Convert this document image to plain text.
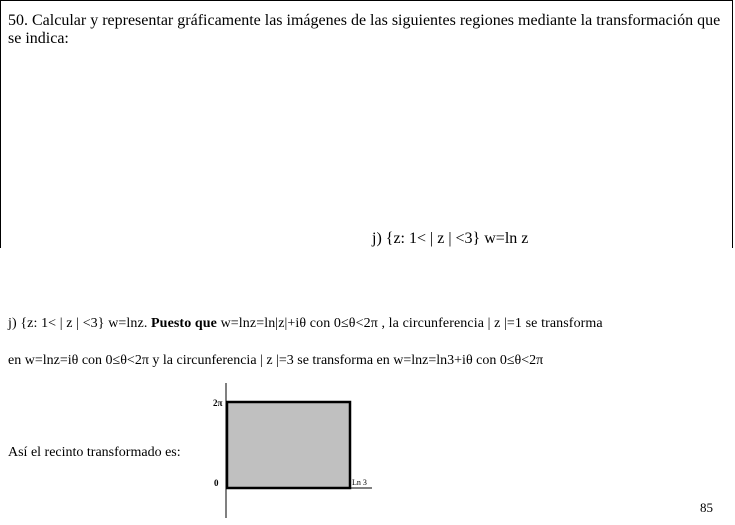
50. Calcular y representar gráficamente las imágenes de las siguientes regiones mediante la transformación que se indica:
j) {z: 1< | z | <3} w=ln z
j) {z: 1< | z | <3} w=lnz. Puesto que w=lnz=ln|z|+iθ con 0≤θ<2π , la circunferencia | z |=1 se transforma
en w=lnz=iθ con 0≤θ<2π y la circunferencia | z |=3 se transforma en w=lnz=ln3+iθ con 0≤θ<2π
Así el recinto transformado es:
2π
0	Ln 3
85
